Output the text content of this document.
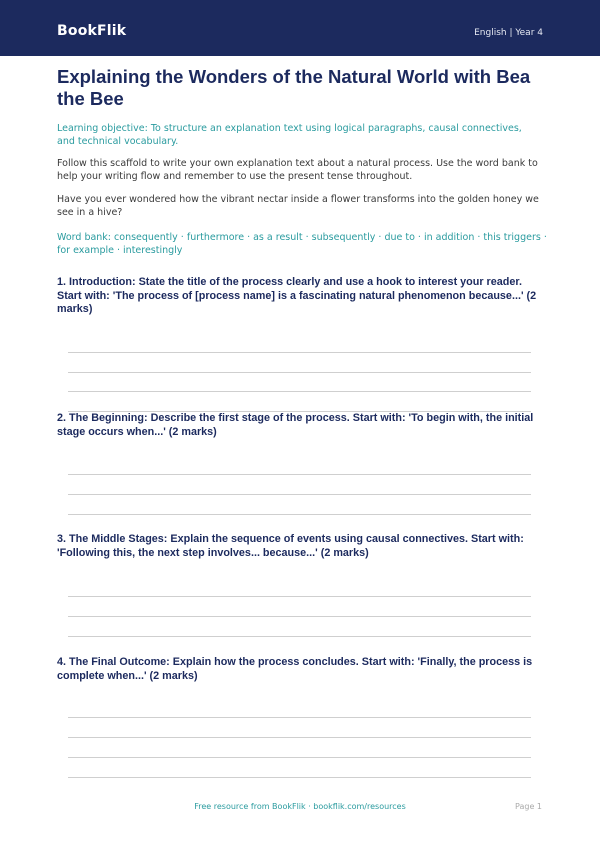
BookFlik	English | Year 4
Explaining the Wonders of the Natural World with Bea the Bee
Learning objective: To structure an explanation text using logical paragraphs, causal connectives, and technical vocabulary.
Follow this scaffold to write your own explanation text about a natural process. Use the word bank to help your writing flow and remember to use the present tense throughout.
Have you ever wondered how the vibrant nectar inside a flower transforms into the golden honey we see in a hive?
Word bank: consequently · furthermore · as a result · subsequently · due to · in addition · this triggers · for example · interestingly
1. Introduction: State the title of the process clearly and use a hook to interest your reader. Start with: 'The process of [process name] is a fascinating natural phenomenon because...' (2 marks)
2. The Beginning: Describe the first stage of the process. Start with: 'To begin with, the initial stage occurs when...' (2 marks)
3. The Middle Stages: Explain the sequence of events using causal connectives. Start with: 'Following this, the next step involves... because...' (2 marks)
4. The Final Outcome: Explain how the process concludes. Start with: 'Finally, the process is complete when...' (2 marks)
Free resource from BookFlik · bookflik.com/resources	Page 1
